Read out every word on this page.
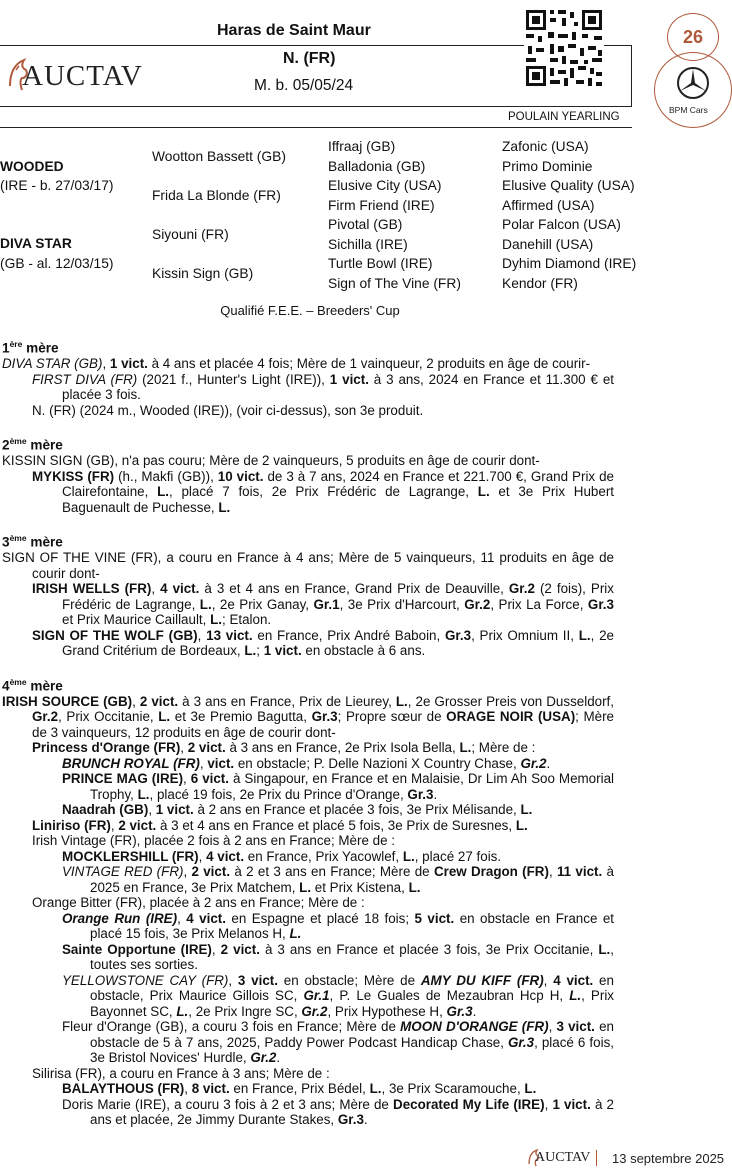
Haras de Saint Maur
N. (FR)
M. b. 05/05/24
POULAIN YEARLING
AUCTAV
26
BPM Cars
WOODED
(IRE - b. 27/03/17)
DIVA STAR
(GB - al. 12/03/15)
Wootton Bassett (GB)
Frida La Blonde (FR)
Siyouni (FR)
Kissin Sign (GB)
Iffraaj (GB)
Balladonia (GB)
Elusive City (USA)
Firm Friend (IRE)
Pivotal (GB)
Sichilla (IRE)
Turtle Bowl (IRE)
Sign of The Vine (FR)
Zafonic (USA)
Primo Dominie
Elusive Quality (USA)
Affirmed (USA)
Polar Falcon (USA)
Danehill (USA)
Dyhim Diamond (IRE)
Kendor (FR)
Qualifié F.E.E. – Breeders' Cup

1ère mère

DIVA STAR (GB), 1 vict. à 4 ans et placée 4 fois; Mère de 1 vainqueur, 2 produits en âge de courir-

FIRST DIVA (FR) (2021 f., Hunter's Light (IRE)), 1 vict. à 3 ans, 2024 en France et 11.300 € et placée 3 fois.

N. (FR) (2024 m., Wooded (IRE)), (voir ci-dessus), son 3e produit.

2ème mère

KISSIN SIGN (GB), n'a pas couru; Mère de 2 vainqueurs, 5 produits en âge de courir dont-

MYKISS (FR) (h., Makfi (GB)), 10 vict. de 3 à 7 ans, 2024 en France et 221.700 €, Grand Prix de Clairefontaine, L., placé 7 fois, 2e Prix Frédéric de Lagrange, L. et 3e Prix Hubert Baguenault de Puchesse, L.

3ème mère

SIGN OF THE VINE (FR), a couru en France à 4 ans; Mère de 5 vainqueurs, 11 produits en âge de courir dont-

IRISH WELLS (FR), 4 vict. à 3 et 4 ans en France, Grand Prix de Deauville, Gr.2 (2 fois), Prix Frédéric de Lagrange, L., 2e Prix Ganay, Gr.1, 3e Prix d'Harcourt, Gr.2, Prix La Force, Gr.3 et Prix Maurice Caillault, L.; Etalon.

SIGN OF THE WOLF (GB), 13 vict. en France, Prix André Baboin, Gr.3, Prix Omnium II, L., 2e Grand Critérium de Bordeaux, L.; 1 vict. en obstacle à 6 ans.

4ème mère

IRISH SOURCE (GB), 2 vict. à 3 ans en France, Prix de Lieurey, L., 2e Grosser Preis von Dusseldorf, Gr.2, Prix Occitanie, L. et 3e Premio Bagutta, Gr.3; Propre sœur de ORAGE NOIR (USA); Mère de 3 vainqueurs, 12 produits en âge de courir dont-

Princess d'Orange (FR), 2 vict. à 3 ans en France, 2e Prix Isola Bella, L.; Mère de :

BRUNCH ROYAL (FR), vict. en obstacle; P. Delle Nazioni X Country Chase, Gr.2.

PRINCE MAG (IRE), 6 vict. à Singapour, en France et en Malaisie, Dr Lim Ah Soo Memorial Trophy, L., placé 19 fois, 2e Prix du Prince d'Orange, Gr.3.

Naadrah (GB), 1 vict. à 2 ans en France et placée 3 fois, 3e Prix Mélisande, L.

Liniriso (FR), 2 vict. à 3 et 4 ans en France et placé 5 fois, 3e Prix de Suresnes, L.

Irish Vintage (FR), placée 2 fois à 2 ans en France; Mère de :

MOCKLERSHILL (FR), 4 vict. en France, Prix Yacowlef, L., placé 27 fois.

VINTAGE RED (FR), 2 vict. à 2 et 3 ans en France; Mère de Crew Dragon (FR), 11 vict. à 2025 en France, 3e Prix Matchem, L. et Prix Kistena, L.

Orange Bitter (FR), placée à 2 ans en France; Mère de :

Orange Run (IRE), 4 vict. en Espagne et placé 18 fois; 5 vict. en obstacle en France et placé 15 fois, 3e Prix Melanos H, L.

Sainte Opportune (IRE), 2 vict. à 3 ans en France et placée 3 fois, 3e Prix Occitanie, L., toutes ses sorties.

YELLOWSTONE CAY (FR), 3 vict. en obstacle; Mère de AMY DU KIFF (FR), 4 vict. en obstacle, Prix Maurice Gillois SC, Gr.1, P. Le Guales de Mezaubran Hcp H, L., Prix Bayonnet SC, L., 2e Prix Ingre SC, Gr.2, Prix Hypothese H, Gr.3.

Fleur d'Orange (GB), a couru 3 fois en France; Mère de MOON D'ORANGE (FR), 3 vict. en obstacle de 5 à 7 ans, 2025, Paddy Power Podcast Handicap Chase, Gr.3, placé 6 fois, 3e Bristol Novices' Hurdle, Gr.2.

Silirisa (FR), a couru en France à 3 ans; Mère de :

BALAYTHOUS (FR), 8 vict. en France, Prix Bédel, L., 3e Prix Scaramouche, L.

Doris Marie (IRE), a couru 3 fois à 2 et 3 ans; Mère de Decorated My Life (IRE), 1 vict. à 2 ans et placée, 2e Jimmy Durante Stakes, Gr.3.

AUCTAV 13 septembre 2025
